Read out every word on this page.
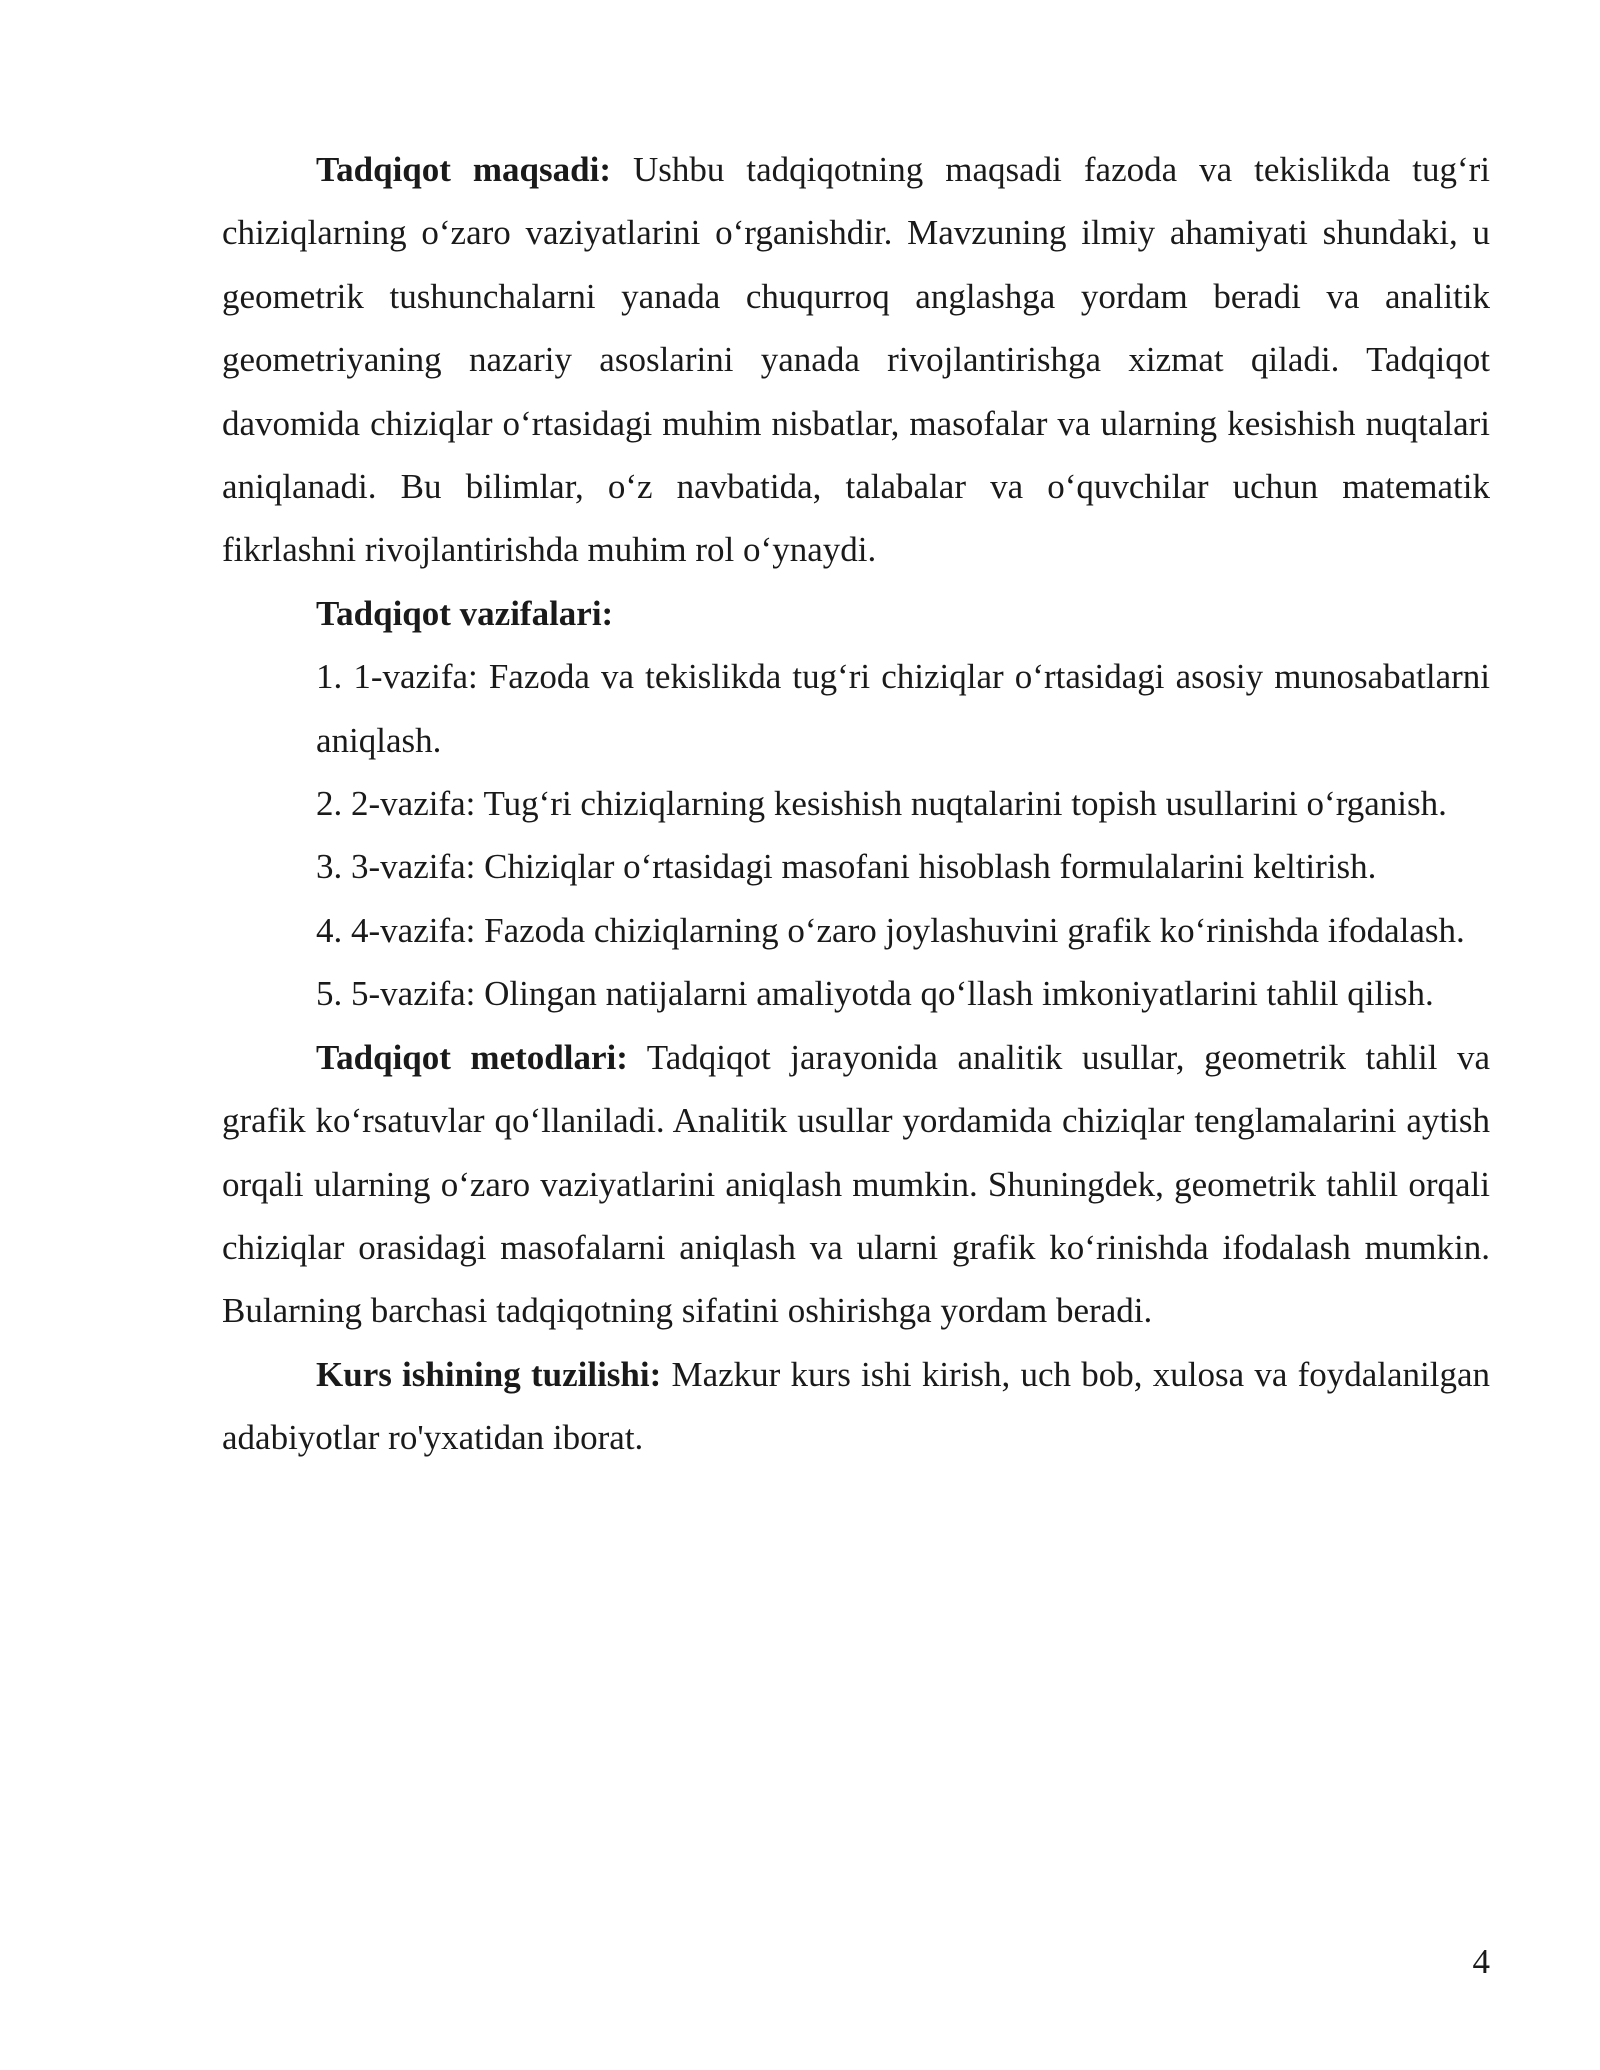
Tadqiqot maqsadi: Ushbu tadqiqotning maqsadi fazoda va tekislikda tug‘ri chiziqlarning o‘zaro vaziyatlarini o‘rganishdir. Mavzuning ilmiy ahamiyati shundaki, u geometrik tushunchalarni yanada chuqurroq anglashga yordam beradi va analitik geometriyaning nazariy asoslarini yanada rivojlantirishga xizmat qiladi. Tadqiqot davomida chiziqlar o‘rtasidagi muhim nisbatlar, masofalar va ularning kesishish nuqtalari aniqlanadi. Bu bilimlar, o‘z navbatida, talabalar va o‘quvchilar uchun matematik fikrlashni rivojlantirishda muhim rol o‘ynaydi.

Tadqiqot vazifalari:

1. 1-vazifa: Fazoda va tekislikda tug‘ri chiziqlar o‘rtasidagi asosiy munosabatlarni aniqlash.

2. 2-vazifa: Tug‘ri chiziqlarning kesishish nuqtalarini topish usullarini o‘rganish.

3. 3-vazifa: Chiziqlar o‘rtasidagi masofani hisoblash formulalarini keltirish.

4. 4-vazifa: Fazoda chiziqlarning o‘zaro joylashuvini grafik ko‘rinishda ifodalash.

5. 5-vazifa: Olingan natijalarni amaliyotda qo‘llash imkoniyatlarini tahlil qilish.

Tadqiqot metodlari: Tadqiqot jarayonida analitik usullar, geometrik tahlil va grafik ko‘rsatuvlar qo‘llaniladi. Analitik usullar yordamida chiziqlar tenglamalarini aytish orqali ularning o‘zaro vaziyatlarini aniqlash mumkin. Shuningdek, geometrik tahlil orqali chiziqlar orasidagi masofalarni aniqlash va ularni grafik ko‘rinishda ifodalash mumkin. Bularning barchasi tadqiqotning sifatini oshirishga yordam beradi.

Kurs ishining tuzilishi: Mazkur kurs ishi kirish, uch bob, xulosa va foydalanilgan adabiyotlar ro'yxatidan iborat.

4
